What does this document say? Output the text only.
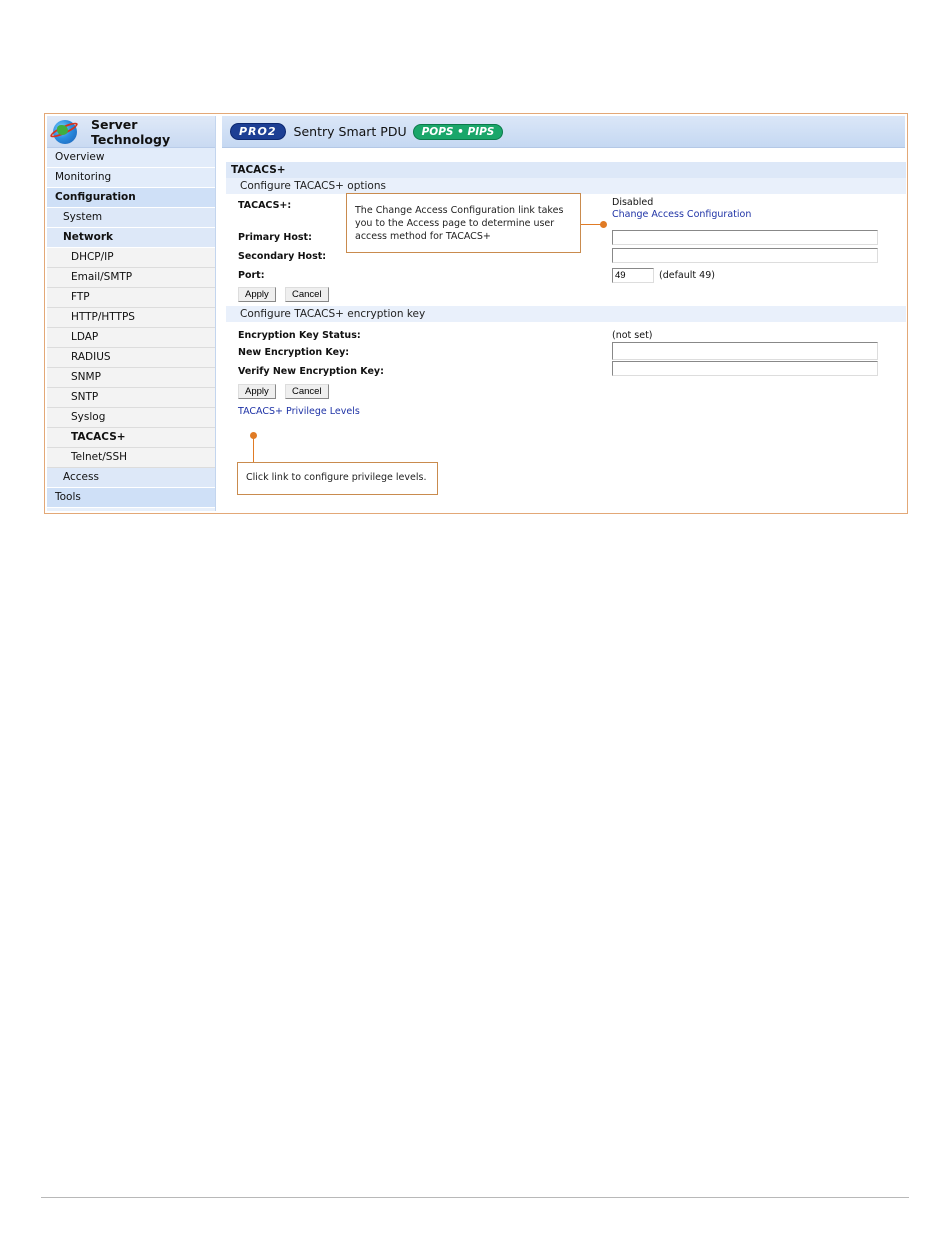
Server Technology
Overview
Monitoring
Configuration
System
Network
DHCP/IP
Email/SMTP
FTP
HTTP/HTTPS
LDAP
RADIUS
SNMP
SNTP
Syslog
TACACS+
Telnet/SSH
Access
Tools
PRO2	Sentry Smart PDU	POPS • PIPS
TACACS+
Configure TACACS+ options
TACACS+:	Disabled
Change Access Configuration
Primary Host:
Secondary Host:
Port:
49	(default 49)
Apply	Cancel
Configure TACACS+ encryption key
Encryption Key Status:	(not set)
New Encryption Key:
Verify New Encryption Key:
Apply	Cancel
TACACS+ Privilege Levels
The Change Access Configuration link takes you to the Access page to determine user access method for TACACS+
Click link to configure privilege levels.
